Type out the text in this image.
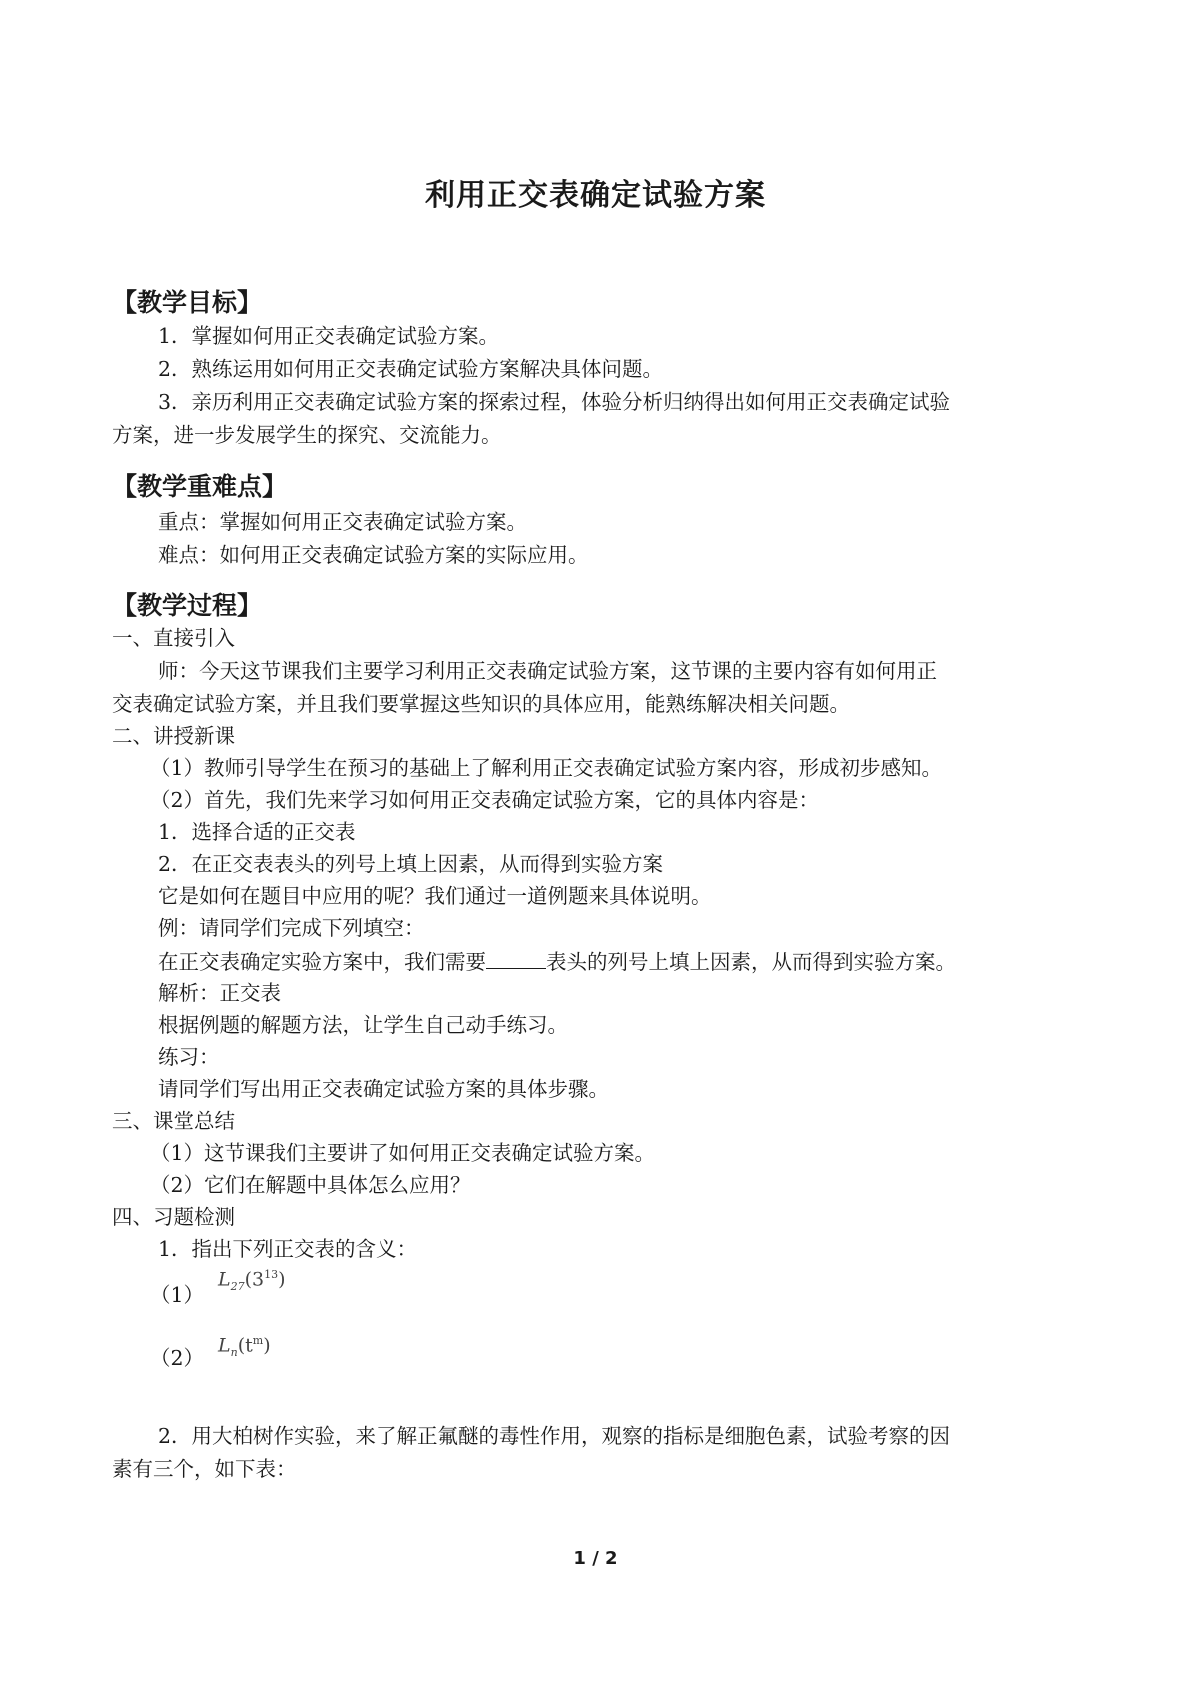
利用正交表确定试验方案
【教学目标】
1．掌握如何用正交表确定试验方案。
2．熟练运用如何用正交表确定试验方案解决具体问题。
3．亲历利用正交表确定试验方案的探索过程，体验分析归纳得出如何用正交表确定试验
方案，进一步发展学生的探究、交流能力。
【教学重难点】
重点：掌握如何用正交表确定试验方案。
难点：如何用正交表确定试验方案的实际应用。
【教学过程】
一、直接引入
师：今天这节课我们主要学习利用正交表确定试验方案，这节课的主要内容有如何用正
交表确定试验方案，并且我们要掌握这些知识的具体应用，能熟练解决相关问题。
二、讲授新课
（1）教师引导学生在预习的基础上了解利用正交表确定试验方案内容，形成初步感知。
（2）首先，我们先来学习如何用正交表确定试验方案，它的具体内容是：
1．选择合适的正交表
2．在正交表表头的列号上填上因素，从而得到实验方案
它是如何在题目中应用的呢？我们通过一道例题来具体说明。
例：请同学们完成下列填空：
在正交表确定实验方案中，我们需要	表头的列号上填上因素，从而得到实验方案。
解析：正交表
根据例题的解题方法，让学生自己动手练习。
练习：
请同学们写出用正交表确定试验方案的具体步骤。
三、课堂总结
（1）这节课我们主要讲了如何用正交表确定试验方案。
（2）它们在解题中具体怎么应用？
四、习题检测
1．指出下列正交表的含义：
（1）
$L_{27}(3^{13})$
（2）
$L_n(t^m)$
2．用大柏树作实验，来了解正氟醚的毒性作用，观察的指标是细胞色素，试验考察的因
素有三个，如下表：
1 / 2
